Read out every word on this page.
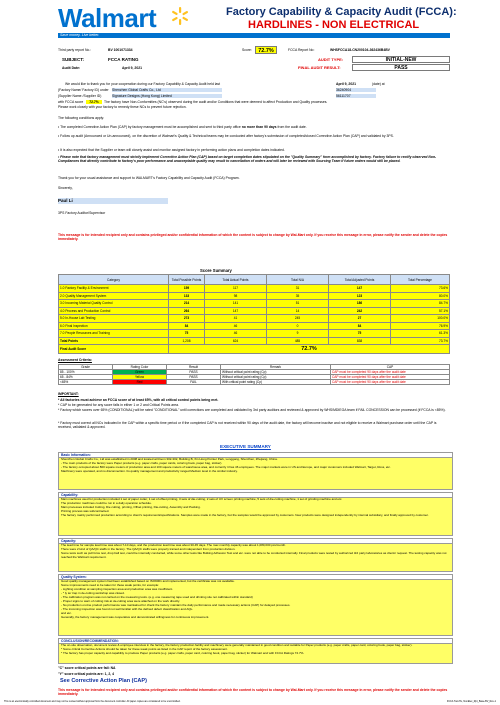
Walmart
Save money. Live better.
Factory Capability & Capacity Audit (FCCA):
HARDLINES - NON ELECTRICAL
Third party report No.:	BV 1001071334	Score:	72.7%	FCCA Report No:	WHSFCCA18-CN200104-362436B4BV
SUBJECT:	FCCA RATING	AUDIT TYPE:	INITIAL-NEW
Audit Date:	April 9, 2021	FINAL AUDIT RESULT:	PASS
We would like to thank you for your cooperation during our Factory Capability & Capacity Audit held last	April 9, 2021	(date) at
(Factory Name/ Factory ID) under Shenzhen Global Crafts Co., Ltd	36240904
(Supplier Name /Supplier ID)	Signature Designs (Hong Kong) Limited	56111707
with FCCA score	72.7%	The factory have Non-Conformities (NC's) observed during the audit and/or Conditions that were deemed to affect Production and Quality processes.
Please work closely with your factory to remedy these NCs to prevent future rejection.
The following conditions apply:
• The completed Corrective Action Plan (CAP) by factory management must be accomplished and sent to third party office no more than 90 days from the audit date.
• Follow up audit (Announced or Un-announced), on the discretion of Walmart's Quality & Technical teams may be conducted after factory's submission of completed/closed Corrective Action Plan (CAP) and validated by 3PS.
• It is also expected that the Supplier or team will closely assist and monitor assigned factory in performing action plans and completion dates indicated.
• Please note that factory management must strictly implement Corrective Action Plan (CAP) based on target completion dates stipulated on the "Quality Summary" form accomplished by factory. Factory failure to rectify observed Non-Compliances that directly contribute to factory's poor performance and unacceptable quality may result to cancellation of orders and will later be reviewed with Sourcing Team if future orders would still be placed.
Thank you for your usual assistance and support to WALMART's Factory Capability and Capacity Audit (FCCA) Program.
Sincerely,
Paul Li
3PS Factory Auditor/Supervisor
This message is for intended recipient only and contains privileged and/or confidential information of which the content is subject to change by Wal-Mart only. If you receive this message in error, please notify the sender and delete the copies immediately.
Score Summary
Category	Total Possible Points	Total Actual Points	Total N/A	Total Adjusted Points	Total Percentage
1.0 Factory Facility & Environment	159	117	31	147	73.6%
2.0 Quality Management System	133	98	35	123	80.0%
3.0 Incoming Material Quality Control	214	141	51	186	84.7%
4.0 Process and Production Control	264	147	14	242	57.1%
5.0 In-House Lab Testing	273	41	245	27	100.0%
6.0 Final Inspection	84	46	0	84	76.9%
7.0 People Resources and Training	75	46	9	75	61.3%
Total Points	1,208	624	485	838	73.7%
Final Audit Score	72.7%				
Assessment Criteria:
Grade	Rating Color	Result	Remark	CAP
85 - 100%	Green	PASS	Without critical point rating (Cp)	CAP must be completed 90 days after the audit date
65 - 84%	Yellow	PASS	Without critical point rating (Cp)	CAP must be completed 90 days after the audit date
<65%	Red	FAIL	With critical point rating (Cp)	CAP must be completed 90 days after the audit date
IMPORTANT:
* All factories must achieve an FCCA score of at least 65%, with all critical control points being met.
* CAP to be generated for any score falls in either 1 or 2 and Critical Points area.
* Factory which scores over 65% (CONDITIONAL) will be rated "CONDITIONAL" until corrections are completed and validated by 3rd party auditors and reviewed & approved by WHS/MDIEGA team if FAIL CONCESSION can be processed (if FCCA is <85%).
* Factory must correct all NCs indicated in the CAP within a specific time period or if the completed CAP is not received within 90 days of the audit date, the factory will become inactive and not eligible to receive a Walmart purchase order until the CAP is received, validated & approved.
EXECUTIVE SUMMARY
Basic Information:
Shenzhen Global Crafts Co., Ltd was established in 2008 and located at Room 302-302, Building B, Xin Hong Pointer Park, Longgang, Shenzhen, Zhejiang, China.
- The main products of the factory were Paper products (e.g. paper crafts, paper cards, coloring book, paper bag, sticker).
- The factory occupied about 800 square meters of production area and 100 square meters of warehouse area, and currently it has 46 employees. The major markets were in US and Europe, and major customers included Walmart, Target, Ross, etc.
Machinery were operated, and no disconnection. Its quality management and productivity ranged Medium level in the similar industry.
Capability:
Main machines used for production included 1 set of paper cutter, 1 set of offset printing, 3 sets of die-cutting, 2 sets of UV screen printing machine, 5 sets of die-cutting machine, 1 set of grinding machine and etc.
The production machines could be run in a daily operation schedule.
Main processes included Cutting, Die cutting, printing, Offset printing, Die-cutting, Assembly and Packing.
Printing process was subcontracted.
The factory mainly performed production according to client's requirements/specifications. Samples were made in the factory, but the samples would be approved by customers. New products were designed independently by internal subsidiary, and finally approved by customer.
Capacity:
The lead time for sample lead time was about 7-10 days, and the production lead time was about 30-45 days. The max monthly capacity was about 1,080,000 pcs/month.
There were 2 kind of QA/QC staffs in the factory. The QA/QC staffs were properly trained and independent from production division.
Some tests such as pull force test, drop ball test, could be internally conducted, while some other tests like Bulking Adhesion Test and etc. were not able to be conducted internally. Final products were tested by authorized 3rd party laboratories as clients' request. The testing capacity was not reached the Walmart requirement.
Quality System:
Good quality management system had been established based on ISO9001 and implemented, but the certificate was not available.
Some improvements need to be taken for these weak points, for example:
- Lighting condition at sampling inspection area and production area was insufficient.
- * ly ter trap in de-cutting workshop was closed.
- The calibration program was not carried on the measuring tools. (e.g. one measuring tape used and drinking site not calibrated within standard)
- Proper signs to warn of cutting risk at de-cutting area were attached on the work directly.
- No production on-line product performance was maintained for check the factory maintain the daily performance and made necessary actions (CAP) for delayed processes.
- The incoming inspection was found not well familiar with the defined defect classification and AQL.
and etc.
Generally, the factory management was cooperative and demonstrated willingness for continuous improvement.
CONCLUSION/RECOMMENDATION:
The on-site observation, document review & employee interview in the factory, the factory production facility and machinery were generally maintained in good condition and suitable for Paper products (e.g. paper crafts, paper card, coloring book, paper bag, sticker).
* Some critical Corrective Actions should be taken for these weak points as listed in the CAP report of the factory assessment.
* The factory has proper capacity and capability to produce Paper products (e.g. paper crafts, paper card, coloring book, paper bag, sticker) for Walmart and with FCCA Ratings 72.7%.
"C" score critical points are fail: NA
"Y" score critical points are: 1, 2, 4
See Corrective Action Plan (CAP)
This message is for intended recipient only and contains privileged and/or confidential information of which the content is subject to change by Wal-Mart only. If you receive this message in error, please notify the sender and delete the copies immediately.
This is an electronically controlled document and may not be revised without approval from the document controller. All paper copies are considered to be uncontrolled.	FCCA Tool-HL, NonElec_Rpt_Base-BV_Rev-1
